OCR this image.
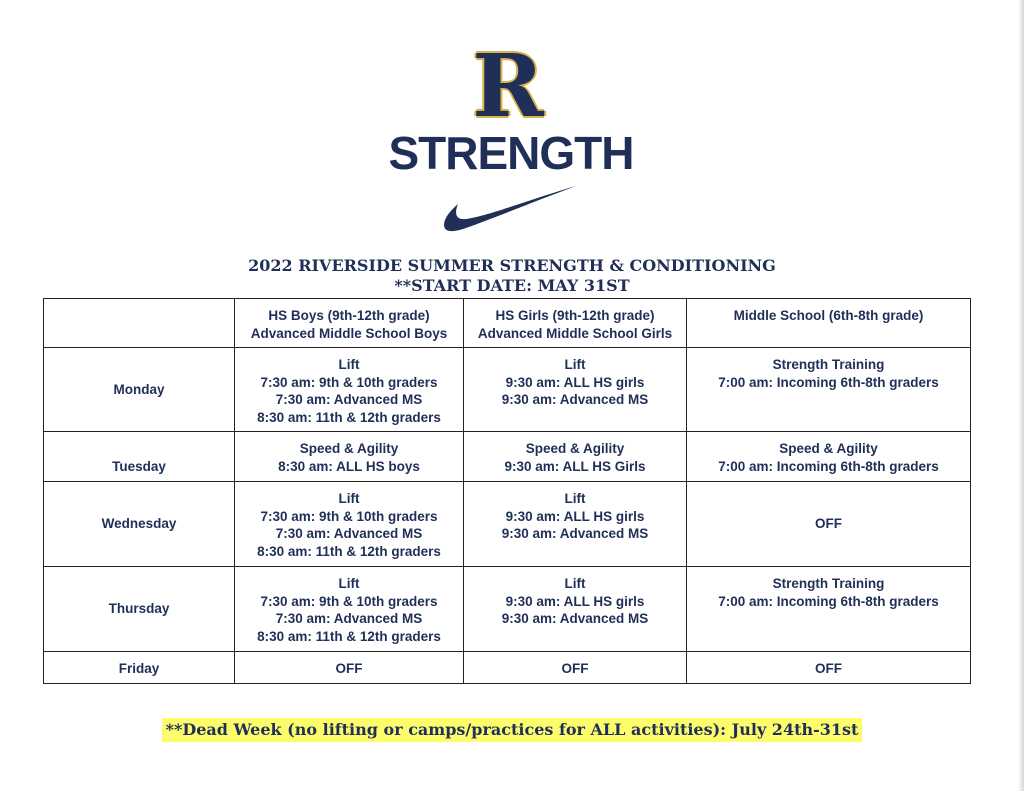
R
STRENGTH
2022 RIVERSIDE SUMMER STRENGTH & CONDITIONING
**START DATE: MAY 31ST

	HS Boys (9th-12th grade)
Advanced Middle School Boys	HS Girls (9th-12th grade)
Advanced Middle School Girls	Middle School (6th-8th grade)

Monday	Lift
7:30 am: 9th & 10th graders
7:30 am: Advanced MS
8:30 am: 11th & 12th graders	Lift
9:30 am: ALL HS girls
9:30 am: Advanced MS	Strength Training
7:00 am: Incoming 6th-8th graders

Tuesday	Speed & Agility
8:30 am: ALL HS boys	Speed & Agility
9:30 am: ALL HS Girls	Speed & Agility
7:00 am: Incoming 6th-8th graders

Wednesday	Lift
7:30 am: 9th & 10th graders
7:30 am: Advanced MS
8:30 am: 11th & 12th graders	Lift
9:30 am: ALL HS girls
9:30 am: Advanced MS	OFF

Thursday	Lift
7:30 am: 9th & 10th graders
7:30 am: Advanced MS
8:30 am: 11th & 12th graders	Lift
9:30 am: ALL HS girls
9:30 am: Advanced MS	Strength Training
7:00 am: Incoming 6th-8th graders

Friday	OFF	OFF	OFF
**Dead Week (no lifting or camps/practices for ALL activities): July 24th-31st
